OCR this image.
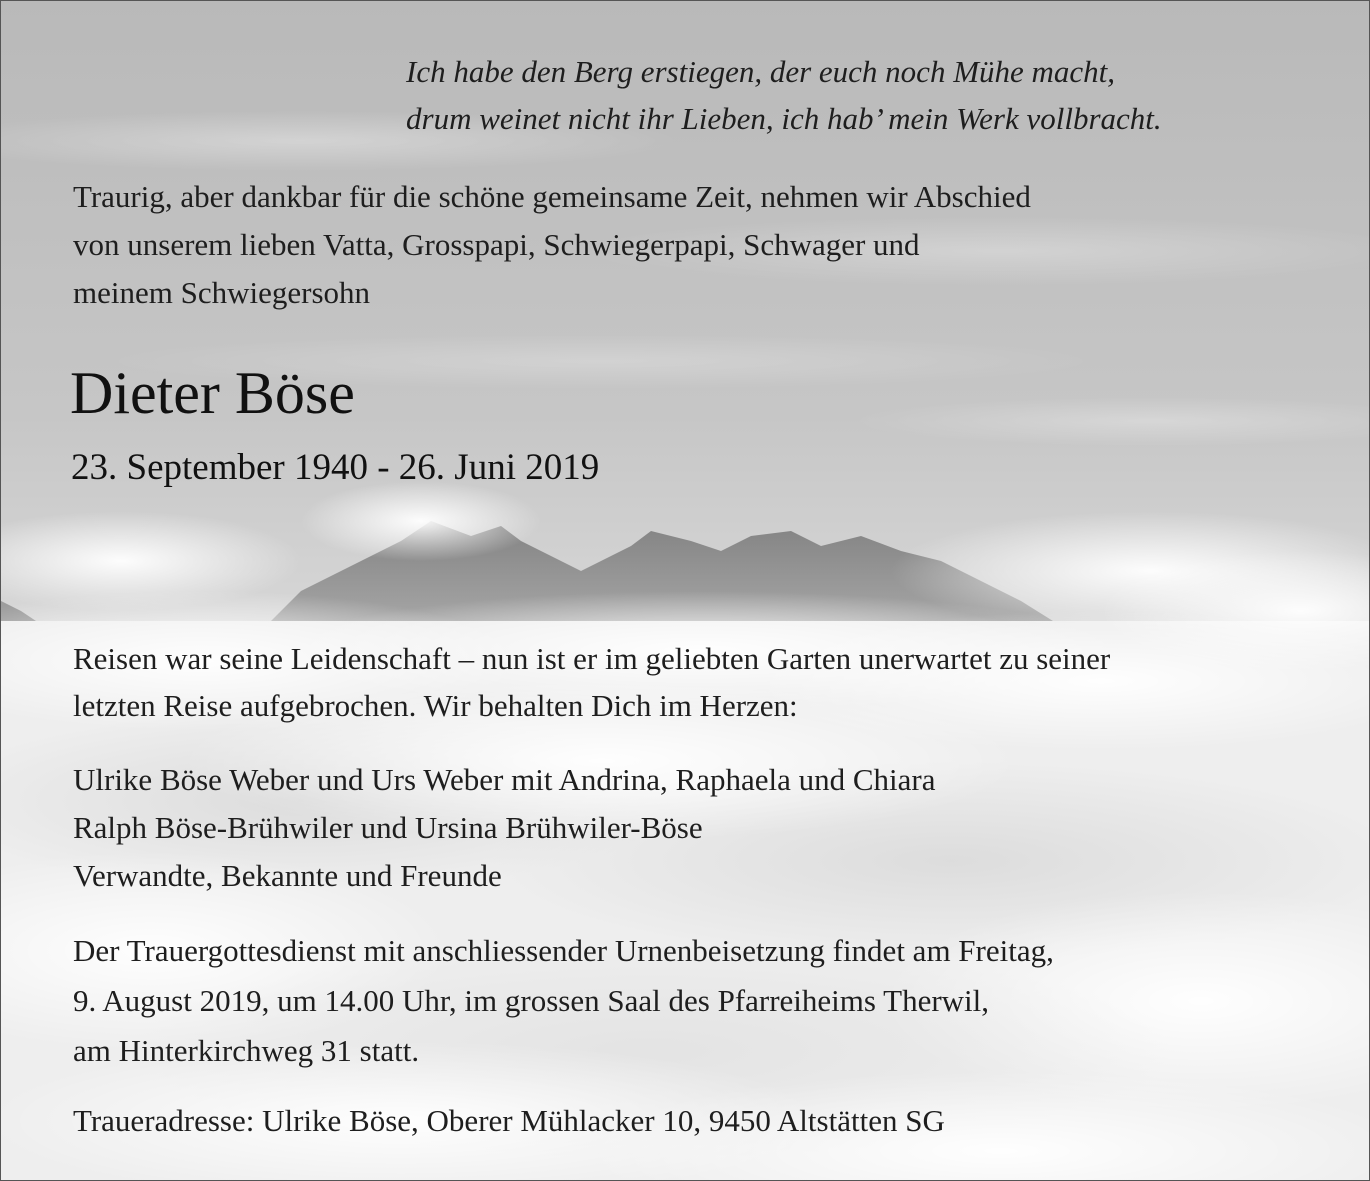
Ich habe den Berg erstiegen, der euch noch Mühe macht,
drum weinet nicht ihr Lieben, ich hab’ mein Werk vollbracht.
Traurig, aber dankbar für die schöne gemeinsame Zeit, nehmen wir Abschied
von unserem lieben Vatta, Grosspapi, Schwiegerpapi, Schwager und
meinem Schwiegersohn
Dieter Böse
23. September 1940 - 26. Juni 2019
Reisen war seine Leidenschaft – nun ist er im geliebten Garten unerwartet zu seiner
letzten Reise aufgebrochen. Wir behalten Dich im Herzen:
Ulrike Böse Weber und Urs Weber mit Andrina, Raphaela und Chiara
Ralph Böse-Brühwiler und Ursina Brühwiler-Böse
Verwandte, Bekannte und Freunde
Der Trauergottesdienst mit anschliessender Urnenbeisetzung findet am Freitag,
9. August 2019, um 14.00 Uhr, im grossen Saal des Pfarreiheims Therwil,
am Hinterkirchweg 31 statt.
Traueradresse: Ulrike Böse, Oberer Mühlacker 10, 9450 Altstätten SG
